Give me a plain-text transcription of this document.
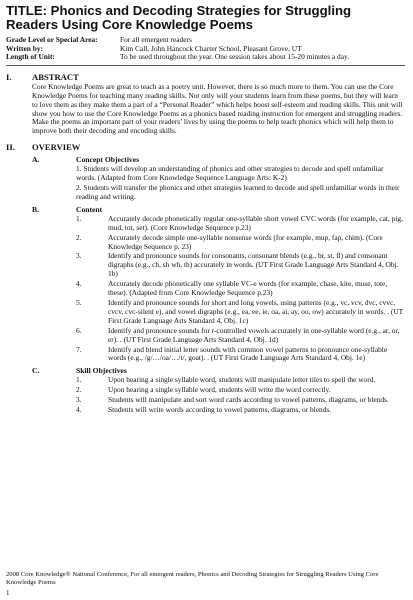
TITLE: Phonics and Decoding Strategies for Struggling Readers Using Core Knowledge Poems
Grade Level or Special Area:	For all emergent readers
Written by:	Kim Call, John Hancock Charter School, Pleasant Grove, UT
Length of Unit:	To be used throughout the year. One session takes about 15-20 minutes a day.
I.	ABSTRACT
Core Knowledge Poems are great to teach as a poetry unit. However, there is so much more to them. You can use the Core Knowledge Poems for teaching many reading skills. Not only will your students learn from these poems, but they will learn to love them as they make them a part of a “Personal Reader” which helps boost self-esteem and reading skills. This unit will show you how to use the Core Knowledge Poems as a phonics based reading instruction for emergent and struggling readers. Make the poems an important part of your readers’ lives by using the poems to help teach phonics which will help them to improve both their decoding and encoding skills.
II.	OVERVIEW
A.	Concept Objectives
1. Students will develop an understanding of phonics and other strategies to decode and spell unfamiliar words. (Adapted from Core Knowledge Sequence Language Arts: K-2)
2. Students will transfer the phonics and other strategies learned to decode and spell unfamiliar words in their reading and writing.
B.	Content
1.	Accurately decode phonetically regular one-syllable short vowel CVC words (for example, cat, pig, mud, tot, set). (Core Knowledge Sequence p.23)
2.	Accurately decode simple one-syllable nonsense words (for example, mup, fap, chim). (Core Knowledge Sequence p. 23)
3.	Identify and pronounce sounds for consonants, consonant blends (e.g., br, st, fl) and consonant digraphs (e.g., ch, sh wh, th) accurately in words. (UT First Grade Language Arts Standard 4, Obj. 1b)
4.	Accurately decode phonetically one syllable VC-e words (for example, chase, kite, muse, tote, these). (Adapted from Core Knowledge Sequence p.23)
5.	Identify and pronounce sounds for short and long vowels, using patterns (e.g., vc, vcv, dvc, cvvc, cvcv, cvc-silent e), and vowel digraphs (e.g., ea, ee, ie, oa, ai, ay, oo, ow) accurately in words. . (UT First Grade Language Arts Standard 4, Obj. 1c)
6.	Identify and pronounce sounds for r-controlled vowels accurately in one-syllable word (e.g., ar, or, er). . (UT First Grade Language Arts Standard 4, Obj. 1d)
7.	Identify and blend initial letter sounds with common vowel patterns to pronounce one-syllable words (e.g., /g/…/oa/…/t/, goat). . (UT First Grade Language Arts Standard 4, Obj. 1e)
C.	Skill Objectives
1.	Upon hearing a single syllable word, students will manipulate letter tiles to spell the word.
2.	Upon hearing a single syllable word, students will write the word correctly.
3.	Students will manipulate and sort word cards according to vowel patterns, diagrams, or blends.
4.	Students will write words according to vowel patterns, diagrams, or blends.
2008 Core Knowledge® National Conference, For all emergent readers, Phonics and Decoding Strategies for Struggling Readers Using Core Knowledge Poems
1
